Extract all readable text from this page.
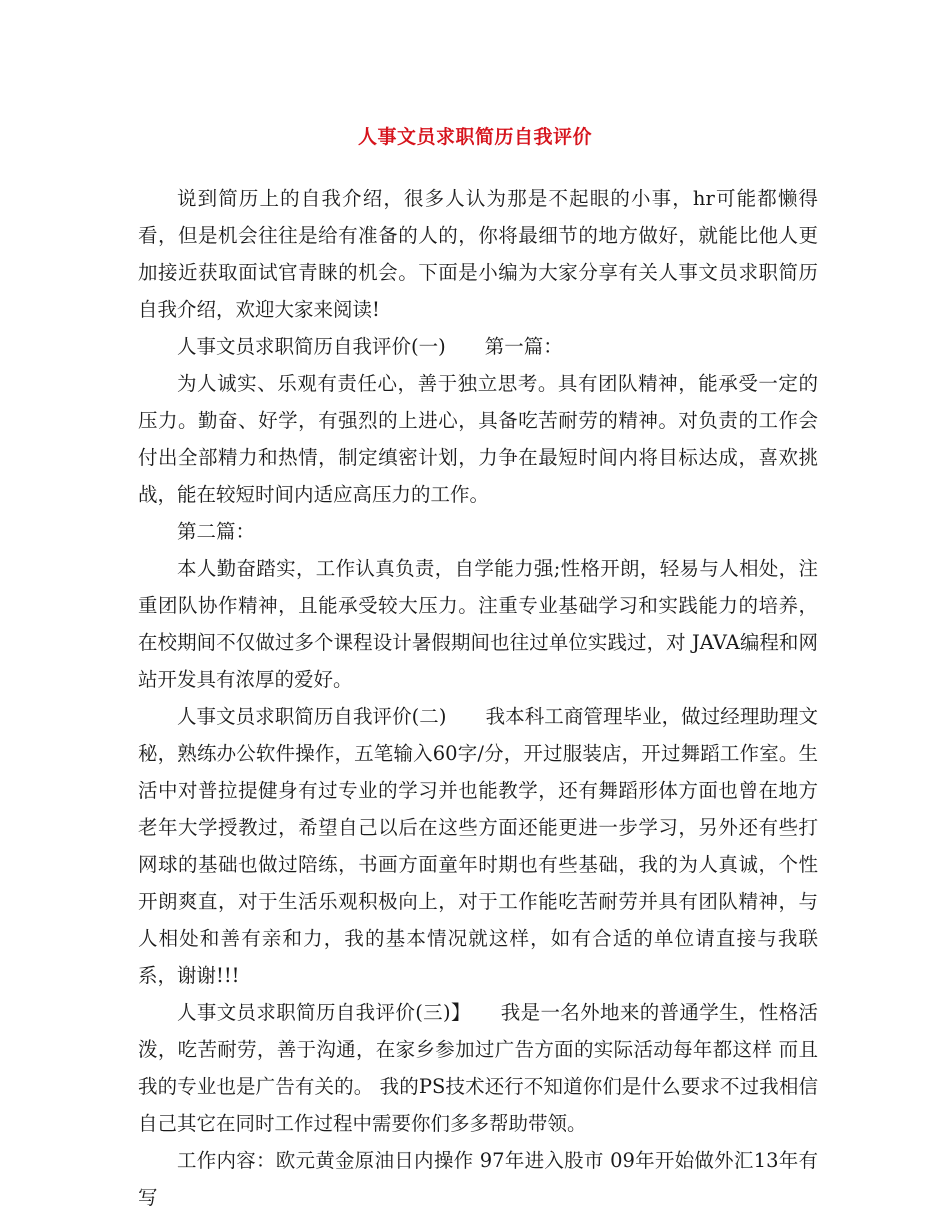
人事文员求职简历自我评价

说到简历上的自我介绍，很多人认为那是不起眼的小事，hr可能都懒得看，但是机会往往是给有准备的人的，你将最细节的地方做好，就能比他人更加接近获取面试官青睐的机会。下面是小编为大家分享有关人事文员求职简历自我介绍，欢迎大家来阅读!

人事文员求职简历自我评价(一)　　第一篇：

为人诚实、乐观有责任心，善于独立思考。具有团队精神，能承受一定的压力。勤奋、好学，有强烈的上进心，具备吃苦耐劳的精神。对负责的工作会付出全部精力和热情，制定缜密计划，力争在最短时间内将目标达成，喜欢挑战，能在较短时间内适应高压力的工作。

第二篇：

本人勤奋踏实，工作认真负责，自学能力强;性格开朗，轻易与人相处，注重团队协作精神，且能承受较大压力。注重专业基础学习和实践能力的培养，在校期间不仅做过多个课程设计暑假期间也往过单位实践过，对 JAVA编程和网站开发具有浓厚的爱好。

人事文员求职简历自我评价(二)　　我本科工商管理毕业，做过经理助理文秘，熟练办公软件操作，五笔输入60字/分，开过服装店，开过舞蹈工作室。生活中对普拉提健身有过专业的学习并也能教学，还有舞蹈形体方面也曾在地方老年大学授教过，希望自己以后在这些方面还能更进一步学习，另外还有些打网球的基础也做过陪练，书画方面童年时期也有些基础，我的为人真诚，个性开朗爽直，对于生活乐观积极向上，对于工作能吃苦耐劳并具有团队精神，与人相处和善有亲和力，我的基本情况就这样，如有合适的单位请直接与我联系，谢谢!!!

人事文员求职简历自我评价(三)】　　我是一名外地来的普通学生，性格活泼，吃苦耐劳，善于沟通，在家乡参加过广告方面的实际活动每年都这样 而且我的专业也是广告有关的。 我的PS技术还行不知道你们是什么要求不过我相信自己其它在同时工作过程中需要你们多多帮助带领。

工作内容：欧元黄金原油日内操作 97年进入股市 09年开始做外汇13年有写
